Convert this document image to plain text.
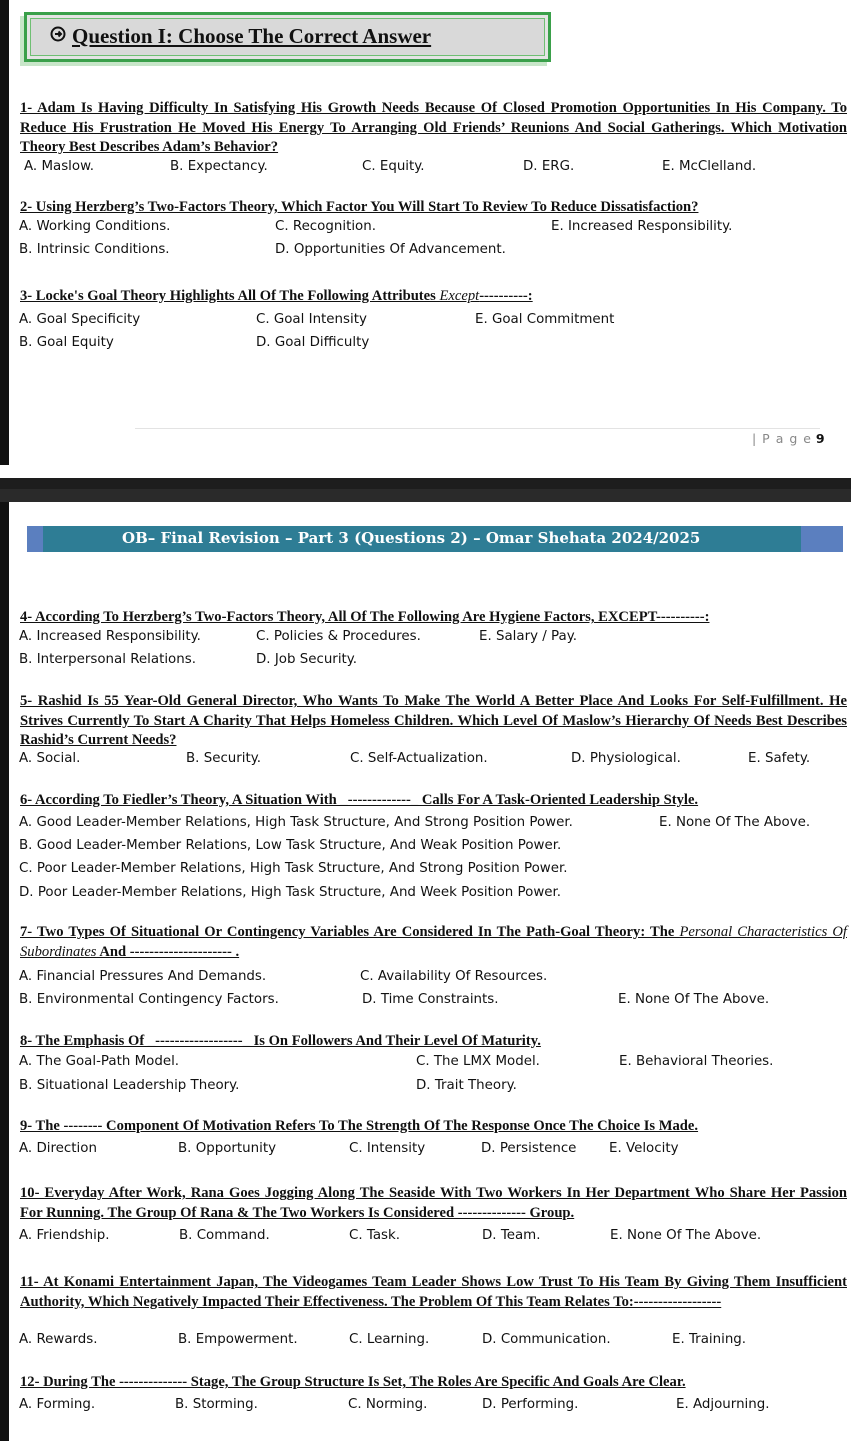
Question I: Choose The Correct Answer
1- Adam Is Having Difficulty In Satisfying His Growth Needs Because Of Closed Promotion Opportunities In His Company. To Reduce His Frustration He Moved His Energy To Arranging Old Friends’ Reunions And Social Gatherings. Which Motivation Theory Best Describes Adam’s Behavior?
A. Maslow.	B. Expectancy.	C. Equity.	D. ERG.	E. McClelland.
2- Using Herzberg’s Two-Factors Theory, Which Factor You Will Start To Review To Reduce Dissatisfaction?
A. Working Conditions.	C. Recognition.	E. Increased Responsibility.
B. Intrinsic Conditions.	D. Opportunities Of Advancement.
3- Locke's Goal Theory Highlights All Of The Following Attributes Except----------:
A. Goal Specificity	C. Goal Intensity	E. Goal Commitment
B. Goal Equity	D. Goal Difficulty
| P a g e 9
OB– Final Revision – Part 3 (Questions 2) – Omar Shehata 2024/2025
4- According To Herzberg’s Two-Factors Theory, All Of The Following Are Hygiene Factors, EXCEPT----------:
A. Increased Responsibility.	C. Policies & Procedures.	E. Salary / Pay.
B. Interpersonal Relations.	D. Job Security.
5- Rashid Is 55 Year-Old General Director, Who Wants To Make The World A Better Place And Looks For Self-Fulfillment. He Strives Currently To Start A Charity That Helps Homeless Children. Which Level Of Maslow’s Hierarchy Of Needs Best Describes Rashid’s Current Needs?
A. Social.	B. Security.	C. Self-Actualization.	D. Physiological.	E. Safety.
6- According To Fiedler’s Theory, A Situation With _-------------_ Calls For A Task-Oriented Leadership Style.
A. Good Leader-Member Relations, High Task Structure, And Strong Position Power.	E. None Of The Above.
B. Good Leader-Member Relations, Low Task Structure, And Weak Position Power.
C. Poor Leader-Member Relations, High Task Structure, And Strong Position Power.
D. Poor Leader-Member Relations, High Task Structure, And Week Position Power.
7- Two Types Of Situational Or Contingency Variables Are Considered In The Path-Goal Theory: The Personal Characteristics Of Subordinates And --------------------- .
A. Financial Pressures And Demands.	C. Availability Of Resources.
B. Environmental Contingency Factors.	D. Time Constraints.	E. None Of The Above.
8- The Emphasis Of _------------------_ Is On Followers And Their Level Of Maturity.
A. The Goal-Path Model.	C. The LMX Model.	E. Behavioral Theories.
B. Situational Leadership Theory.	D. Trait Theory.
9- The -------- Component Of Motivation Refers To The Strength Of The Response Once The Choice Is Made.
A. Direction	B. Opportunity	C. Intensity	D. Persistence E. Velocity
10- Everyday After Work, Rana Goes Jogging Along The Seaside With Two Workers In Her Department Who Share Her Passion For Running. The Group Of Rana & The Two Workers Is Considered -------------- Group.
A. Friendship.	B. Command.	C. Task.	D. Team.	E. None Of The Above.
11- At Konami Entertainment Japan, The Videogames Team Leader Shows Low Trust To His Team By Giving Them Insufficient Authority, Which Negatively Impacted Their Effectiveness. The Problem Of This Team Relates To:------------------
A. Rewards.	B. Empowerment.	C. Learning.	D. Communication.	E. Training.
12- During The -------------- Stage, The Group Structure Is Set, The Roles Are Specific And Goals Are Clear.
A. Forming.	B. Storming.	C. Norming.	D. Performing.	E. Adjourning.
